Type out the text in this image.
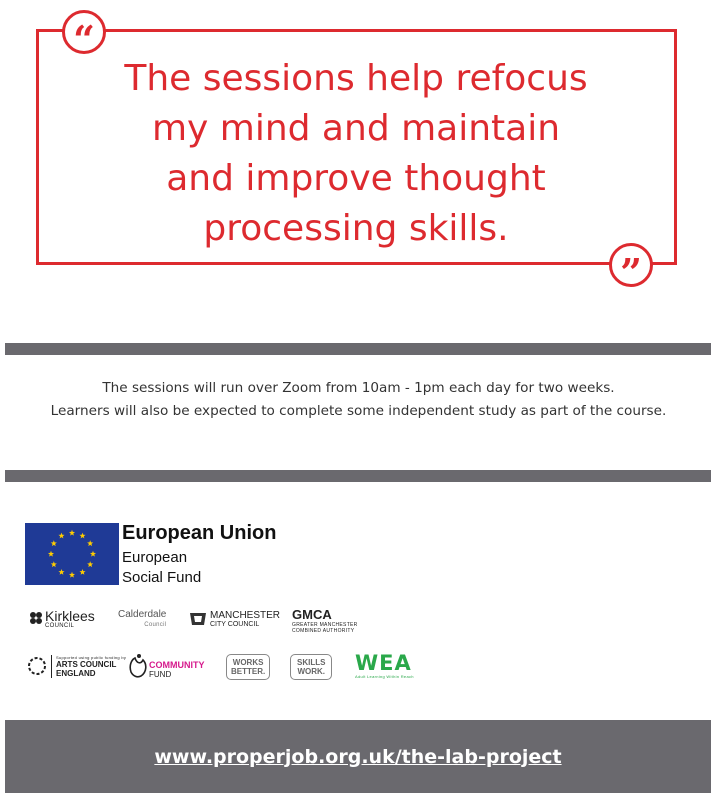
“
”

The sessions help refocus
my mind and maintain
and improve thought
processing skills.

The sessions will run over Zoom from 10am - 1pm each day for two weeks.

Learners will also be expected to complete some independent study as part of the course.

European Union

European

Social Fund

Kirklees
COUNCIL
Calderdale
Council
MANCHESTER
CITY COUNCIL
GMCA
GREATER MANCHESTER
COMBINED AUTHORITY
Supported using public funding by
ARTS COUNCIL
ENGLAND
COMMUNITY
FUND
WORKS
BETTER.
SKILLS
WORK. WEA
Adult Learning Within Reach
www.properjob.org.uk/the-lab-project
